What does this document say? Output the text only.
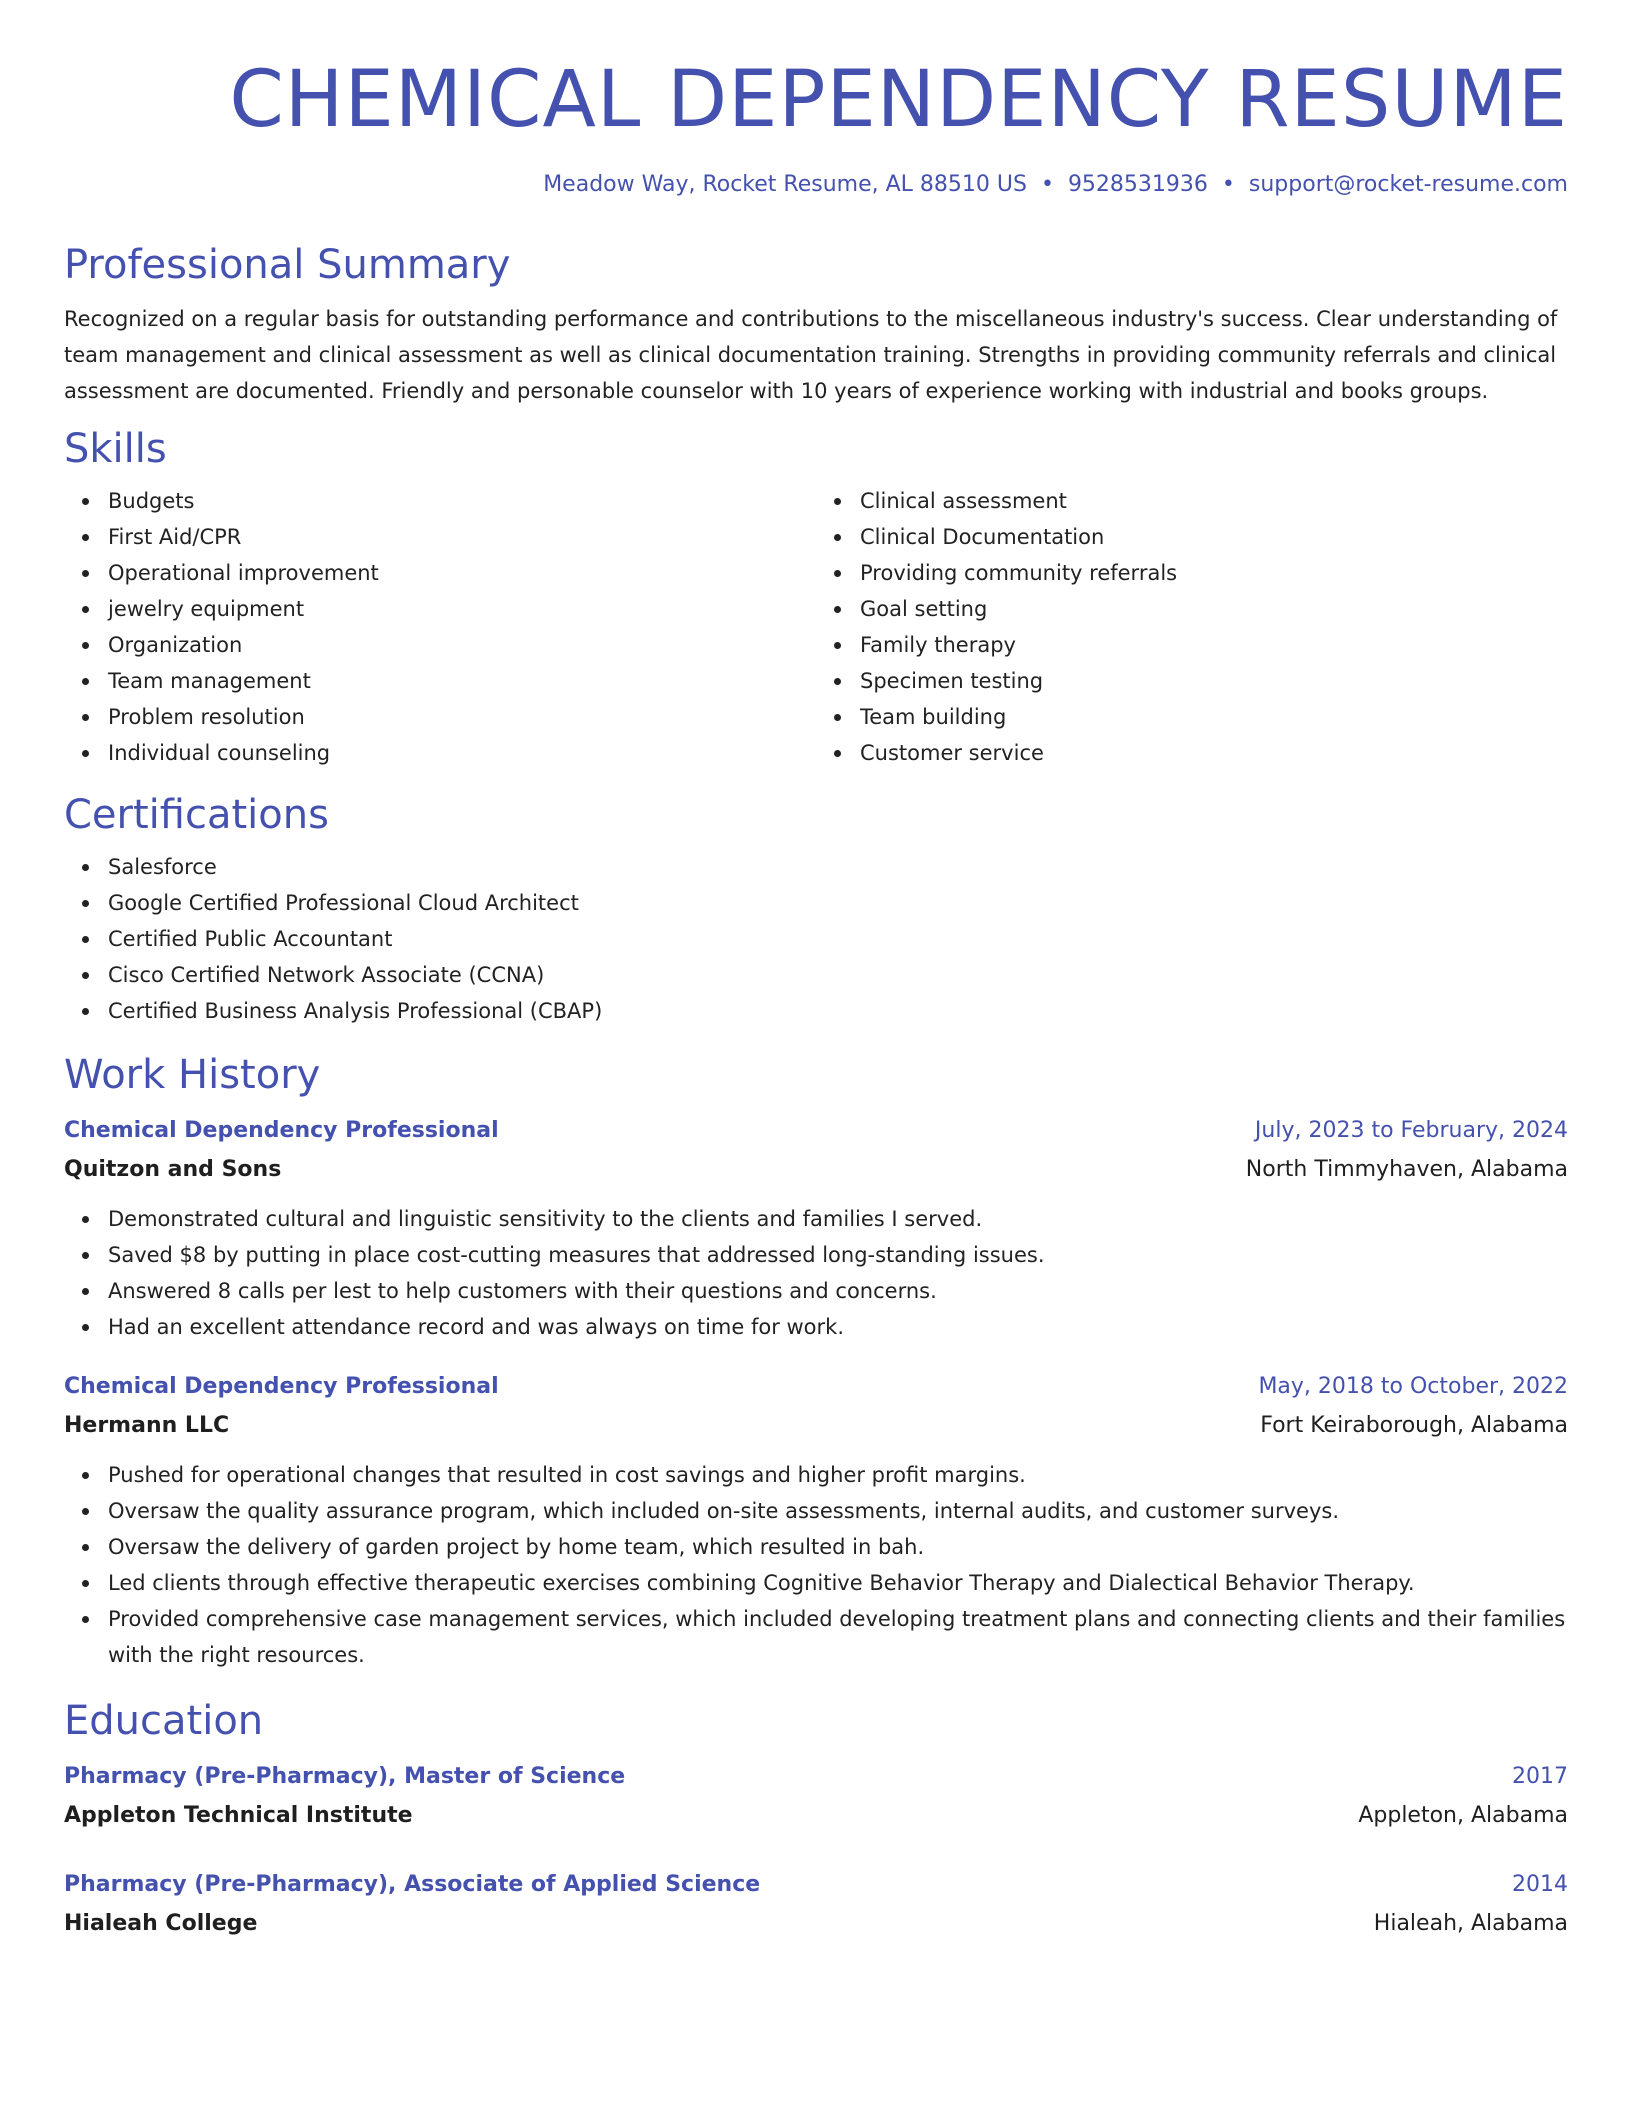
CHEMICAL DEPENDENCY RESUME
Meadow Way, Rocket Resume, AL 88510 US • 9528531936 • support@rocket-resume.com
Professional Summary

Recognized on a regular basis for outstanding performance and contributions to the miscellaneous industry's success. Clear understanding of team management and clinical assessment as well as clinical documentation training. Strengths in providing community referrals and clinical assessment are documented. Friendly and personable counselor with 10 years of experience working with industrial and books groups.

Skills
Budgets
First Aid/CPR
Operational improvement
jewelry equipment
Organization
Team management
Problem resolution
Individual counseling
Clinical assessment
Clinical Documentation
Providing community referrals
Goal setting
Family therapy
Specimen testing
Team building
Customer service
Certifications
Salesforce
Google Certified Professional Cloud Architect
Certified Public Accountant
Cisco Certified Network Associate (CCNA)
Certified Business Analysis Professional (CBAP)
Work History
Chemical Dependency Professional	July, 2023 to February, 2024
Quitzon and Sons	North Timmyhaven, Alabama
Demonstrated cultural and linguistic sensitivity to the clients and families I served.
Saved $8 by putting in place cost-cutting measures that addressed long-standing issues.
Answered 8 calls per lest to help customers with their questions and concerns.
Had an excellent attendance record and was always on time for work.
Chemical Dependency Professional	May, 2018 to October, 2022
Hermann LLC	Fort Keiraborough, Alabama
Pushed for operational changes that resulted in cost savings and higher profit margins.
Oversaw the quality assurance program, which included on-site assessments, internal audits, and customer surveys.
Oversaw the delivery of garden project by home team, which resulted in bah.
Led clients through effective therapeutic exercises combining Cognitive Behavior Therapy and Dialectical Behavior Therapy.
Provided comprehensive case management services, which included developing treatment plans and connecting clients and their families with the right resources.
Education
Pharmacy (Pre-Pharmacy), Master of Science	2017
Appleton Technical Institute	Appleton, Alabama
Pharmacy (Pre-Pharmacy), Associate of Applied Science	2014
Hialeah College	Hialeah, Alabama
